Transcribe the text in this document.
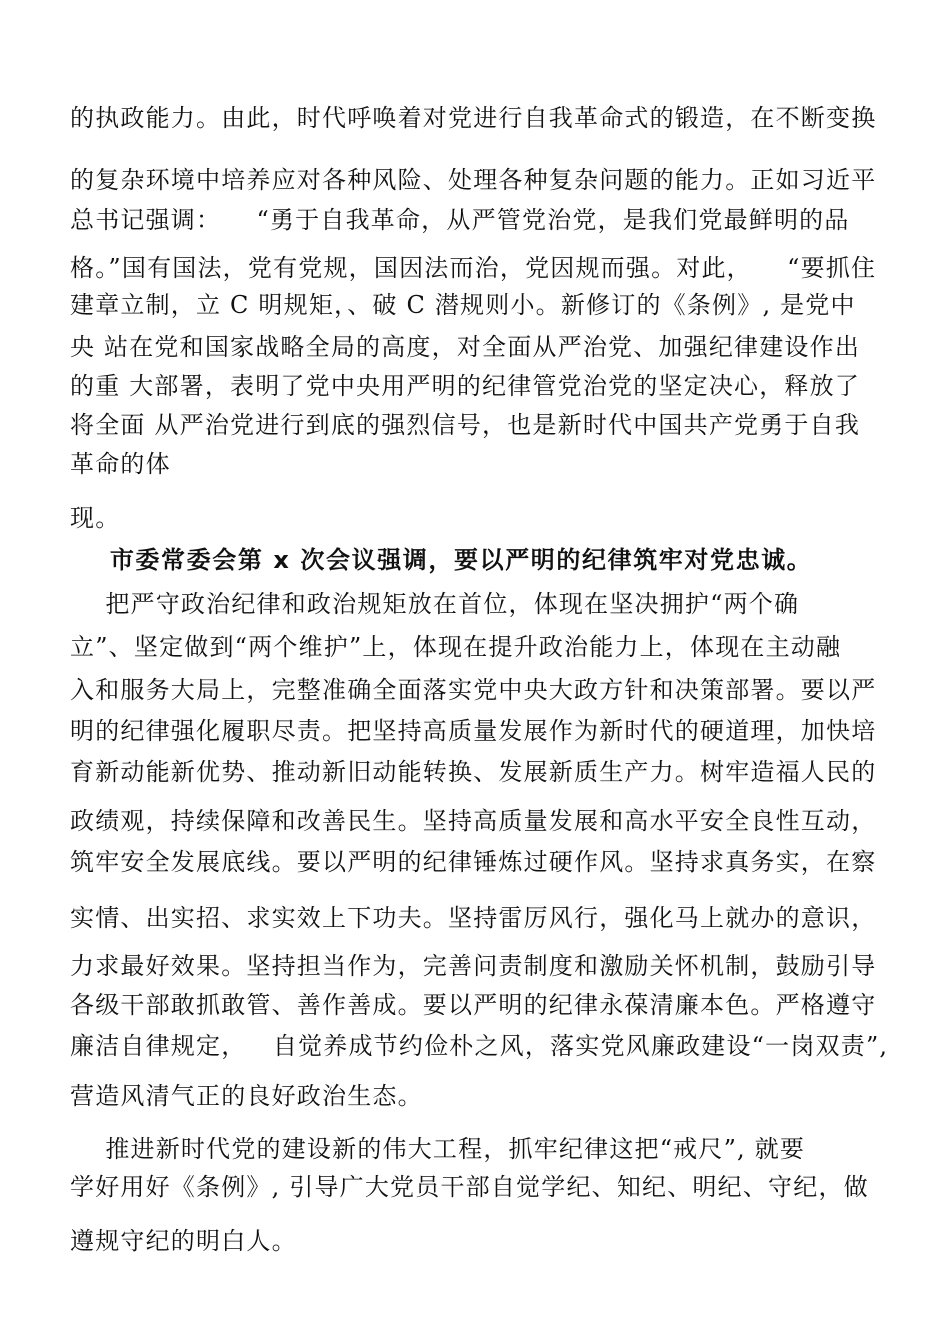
的执政能力。由此，时代呼唤着对党进行自我革命式的锻造，在不断变换
的复杂环境中培养应对各种风险、处理各种复杂问题的能力。正如习近平
总书记强调：    “勇于自我革命，从严管党治党，是我们党最鲜明的品
格。”国有国法，党有党规，国因法而治，党因规而强。对此，    “要抓住
建章立制，立 C 明规矩，、破 C 潜规则小。新修订的《条例》, 是党中
央 站在党和国家战略全局的高度，对全面从严治党、加强纪律建设作出
的重 大部署，表明了党中央用严明的纪律管党治党的坚定决心，释放了
将全面 从严治党进行到底的强烈信号，也是新时代中国共产党勇于自我
革命的体
现。
市委常委会第 x 次会议强调，要以严明的纪律筑牢对党忠诚。
把严守政治纪律和政治规矩放在首位，体现在坚决拥护“两个确
立”、坚定做到“两个维护”上，体现在提升政治能力上，体现在主动融
入和服务大局上，完整准确全面落实党中央大政方针和决策部署。要以严
明的纪律强化履职尽责。把坚持高质量发展作为新时代的硬道理，加快培
育新动能新优势、推动新旧动能转换、发展新质生产力。树牢造福人民的
政绩观，持续保障和改善民生。坚持高质量发展和高水平安全良性互动，
筑牢安全发展底线。要以严明的纪律锤炼过硬作风。坚持求真务实，在察
实情、出实招、求实效上下功夫。坚持雷厉风行，强化马上就办的意识，
力求最好效果。坚持担当作为，完善问责制度和激励关怀机制，鼓励引导
各级干部敢抓敢管、善作善成。要以严明的纪律永葆清廉本色。严格遵守
廉洁自律规定，   自觉养成节约俭朴之风，落实党风廉政建设“一岗双责”,
营造风清气正的良好政治生态。
推进新时代党的建设新的伟大工程，抓牢纪律这把“戒尺”, 就要
学好用好《条例》, 引导广大党员干部自觉学纪、知纪、明纪、守纪，做
遵规守纪的明白人。
